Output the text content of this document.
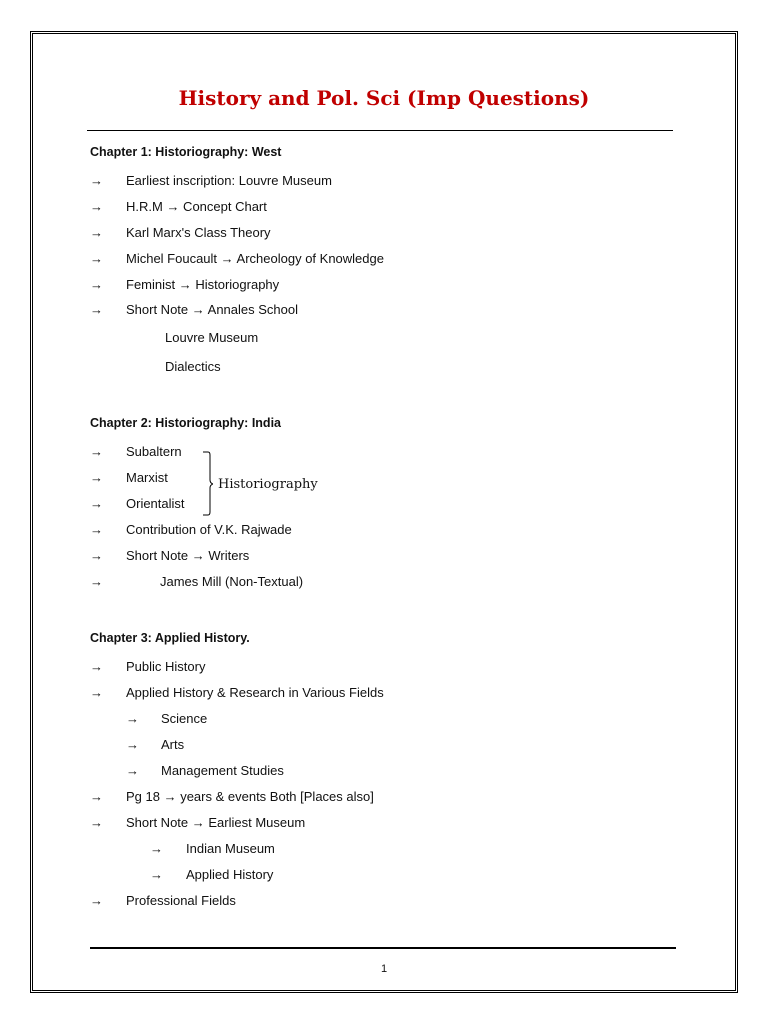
History and Pol. Sci (Imp Questions)
Chapter 1: Historiography: West
→ Earliest inscription: Louvre Museum
→ H.R.M → Concept Chart
→ Karl Marx's Class Theory
→ Michel Foucault → Archeology of Knowledge
→ Feminist → Historiography
→ Short Note → Annales School
Louvre Museum
Dialectics
Chapter 2: Historiography: India
→ Subaltern
→ Marxist
→ Orientalist
Historiography
→ Contribution of V.K. Rajwade
→ Short Note → Writers
→	James Mill (Non-Textual)
Chapter 3: Applied History.
→ Public History
→ Applied History & Research in Various Fields
→ Science
→ Arts
→ Management Studies
→ Pg 18 → years & events Both [Places also]
→ Short Note → Earliest Museum
→ Indian Museum
→ Applied History
→ Professional Fields
1
